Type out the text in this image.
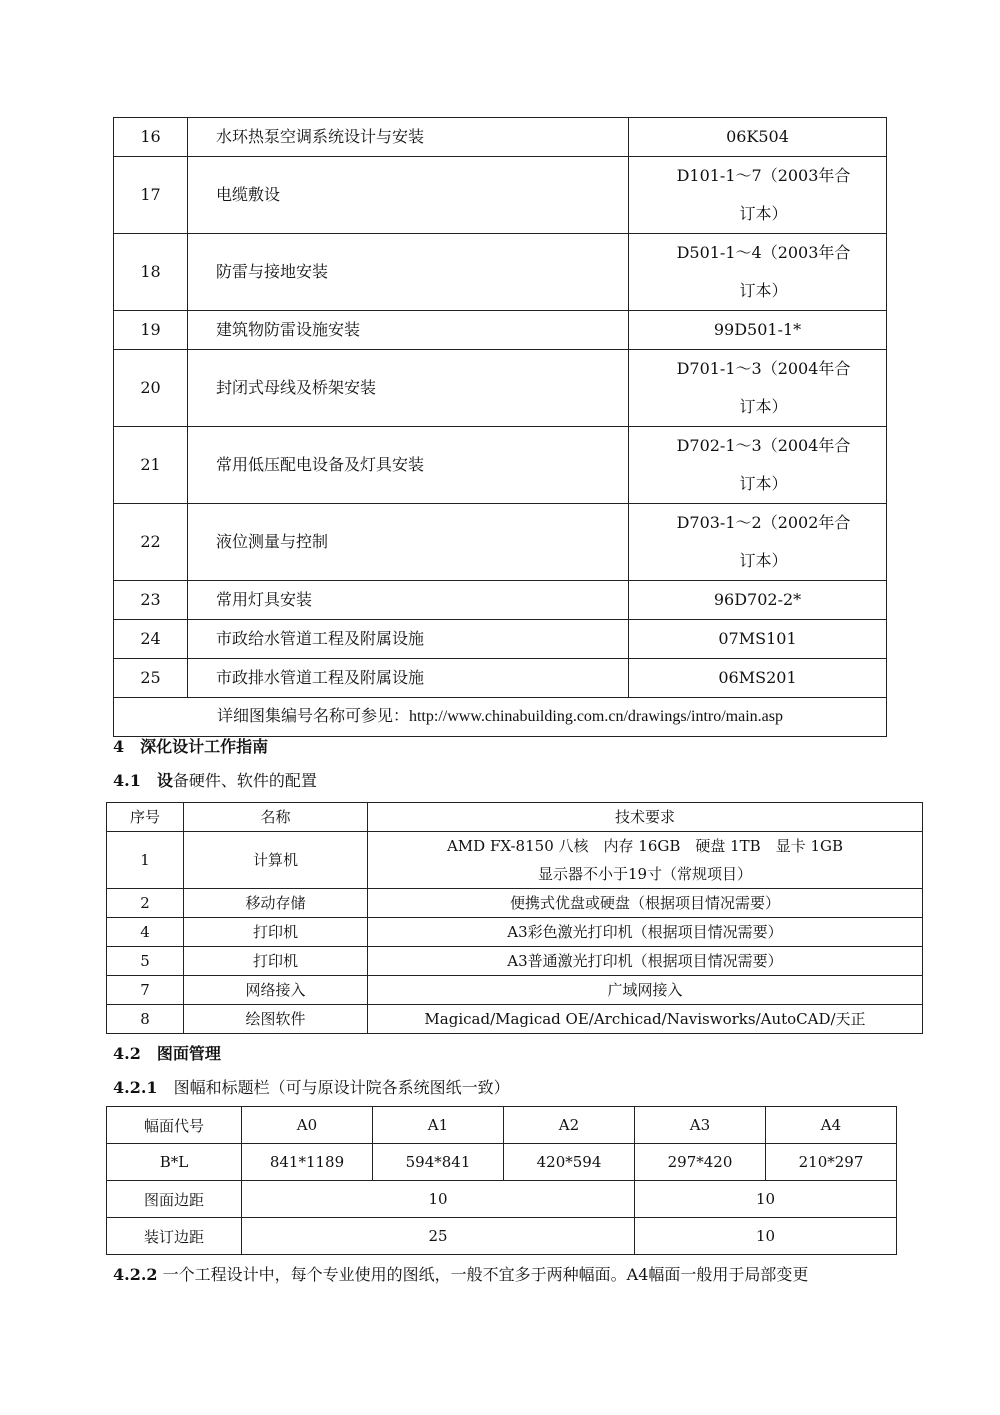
16	水环热泵空调系统设计与安装	06K504
17	电缆敷设	D101-1～7（2003年合订本）
18	防雷与接地安装	D501-1～4（2003年合订本）
19	建筑物防雷设施安装	99D501-1*
20	封闭式母线及桥架安装	D701-1～3（2004年合订本）
21	常用低压配电设备及灯具安装	D702-1～3（2004年合订本）
22	液位测量与控制	D703-1～2（2002年合订本）
23	常用灯具安装	96D702-2*
24	市政给水管道工程及附属设施	07MS101
25	市政排水管道工程及附属设施	06MS201
详细图集编号名称可参见：http://www.chinabuilding.com.cn/drawings/intro/main.asp		
4　深化设计工作指南
4.1　 设备硬件、软件的配置
序号	名称	技术要求
1	计算机	AMD FX-8150 八核　内存 16GB　硬盘 1TB　显卡 1GB
显示器不小于19寸（常规项目）

2	移动存储	便携式优盘或硬盘（根据项目情况需要）

4	打印机	A3彩色激光打印机（根据项目情况需要）

5	打印机	A3普通激光打印机（根据项目情况需要）

7	网络接入	广域网接入

8	绘图软件	Magicad/Magicad OE/Archicad/Navisworks/AutoCAD/天正
4.2　图面管理
4.2.1　 图幅和标题栏（可与原设计院各系统图纸一致）
幅面代号	A0	A1	A2	A3	A4
B*L	841*1189	594*841	420*594	297*420	210*297
图面边距	10			10	
装订边距	25			10	
4.2.2 一个工程设计中，每个专业使用的图纸，一般不宜多于两种幅面。A4幅面一般用于局部变更
